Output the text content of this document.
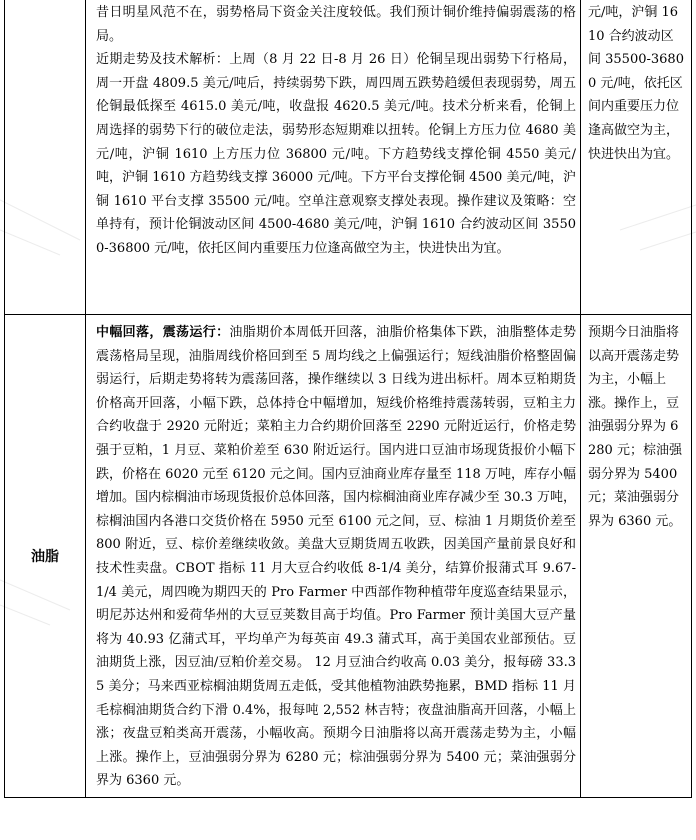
	昔日明星风范不在，弱势格局下资金关注度较低。我们预计铜价维持偏弱震荡的格局。

近期走势及技术解析：上周（8 月 22 日-8 月 26 日）伦铜呈现出弱势下行格局，周一开盘 4809.5 美元/吨后，持续弱势下跌，周四周五跌势趋缓但表现弱势，周五伦铜最低探至 4615.0 美元/吨，收盘报 4620.5 美元/吨。技术分析来看，伦铜上周选择的弱势下行的破位走法，弱势形态短期难以扭转。伦铜上方压力位 4680 美元/吨，沪铜 1610 上方压力位 36800 元/吨。下方趋势线支撑伦铜 4550 美元/吨，沪铜 1610 方趋势线支撑 36000 元/吨。下方平台支撑伦铜 4500 美元/吨，沪铜 1610 平台支撑 35500 元/吨。空单注意观察支撑处表现。操作建议及策略：空单持有，预计伦铜波动区间 4500-4680 美元/吨，沪铜 1610 合约波动区间 35500-36800 元/吨，依托区间内重要压力位逢高做空为主，快进快出为宜。	元/吨，沪铜 1610 合约波动区间 35500-36800 元/吨，依托区间内重要压力位逢高做空为主，快进快出为宜。

油脂	中幅回落，震荡运行：油脂期价本周低开回落，油脂价格集体下跌，油脂整体走势震荡格局呈现，油脂周线价格回到至 5 周均线之上偏强运行；短线油脂价格整固偏弱运行，后期走势将转为震荡回落，操作继续以 3 日线为进出标杆。周本豆粕期货价格高开回落，小幅下跌，总体持仓中幅增加，短线价格维持震荡转弱，豆粕主力合约收盘于 2920 元附近；菜粕主力合约期价回落至 2290 元附近运行，价格走势强于豆粕，1 月豆、菜粕价差至 630 附近运行。国内进口豆油市场现货报价小幅下跌，价格在 6020 元至 6120 元之间。国内豆油商业库存量至 118 万吨，库存小幅增加。国内棕榈油市场现货报价总体回落，国内棕榈油商业库存减少至 30.3 万吨，棕榈油国内各港口交货价格在 5950 元至 6100 元之间，豆、棕油 1 月期货价差至 800 附近，豆、棕价差继续收敛。美盘大豆期货周五收跌，因美国产量前景良好和技术性卖盘。CBOT 指标 11 月大豆合约收低 8-1/4 美分，结算价报蒲式耳 9.67-1/4 美元，周四晚为期四天的 Pro Farmer 中西部作物种植带年度巡查结果显示，明尼苏达州和爱荷华州的大豆豆荚数目高于均值。Pro Farmer 预计美国大豆产量将为 40.93 亿蒲式耳，平均单产为每英亩 49.3 蒲式耳，高于美国农业部预估。豆油期货上涨，因豆油/豆粕价差交易。 12 月豆油合约收高 0.03 美分，报每磅 33.35 美分；马来西亚棕榈油期货周五走低，受其他植物油跌势拖累，BMD 指标 11 月毛棕榈油期货合约下滑 0.4%，报每吨 2,552 林吉特；夜盘油脂高开回落，小幅上涨；夜盘豆粕类高开震荡，小幅收高。预期今日油脂将以高开震荡走势为主，小幅上涨。操作上，豆油强弱分界为 6280 元；棕油强弱分界为 5400 元；菜油强弱分界为 6360 元。	预期今日油脂将以高开震荡走势为主，小幅上涨。操作上，豆油强弱分界为 6280 元；棕油强弱分界为 5400 元；菜油强弱分界为 6360 元。
